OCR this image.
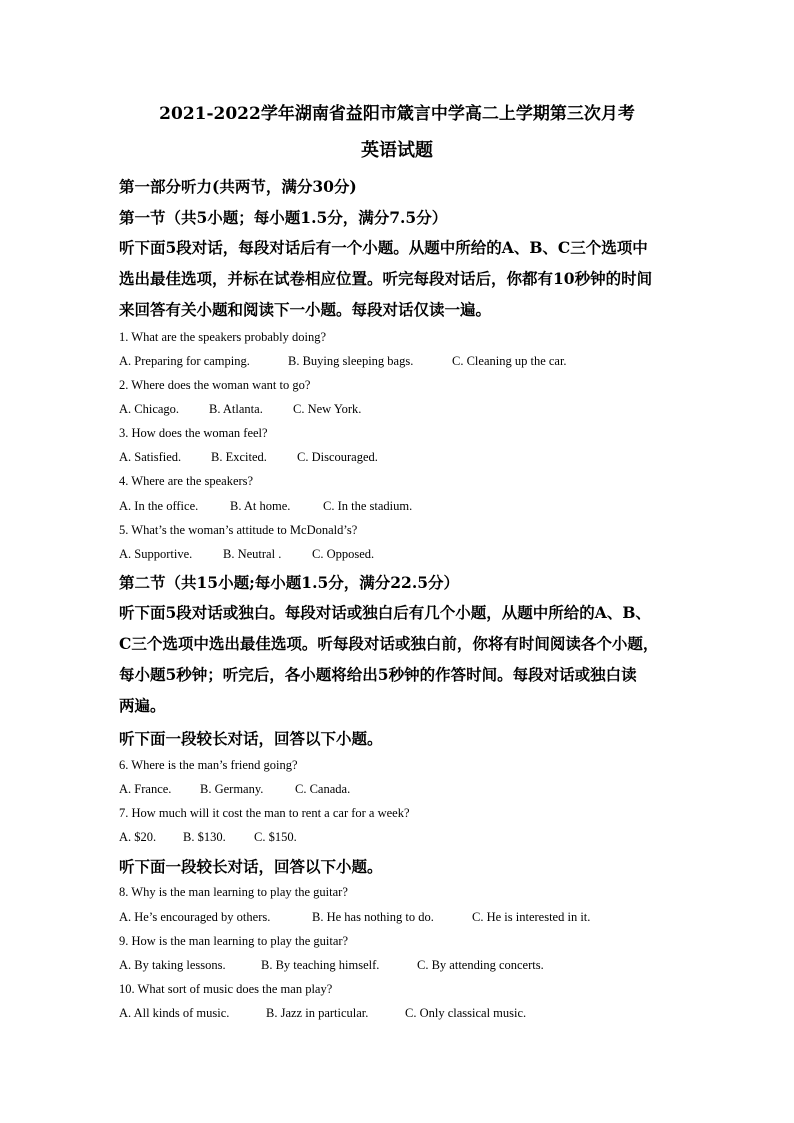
2021-2022学年湖南省益阳市箴言中学高二上学期第三次月考
英语试题
第一部分听力(共两节，满分30分)
第一节（共5小题；每小题1.5分，满分7.5分）
听下面5段对话，每段对话后有一个小题。从题中所给的A、B、C三个选项中
选出最佳选项，并标在试卷相应位置。听完每段对话后，你都有10秒钟的时间
来回答有关小题和阅读下一小题。每段对话仅读一遍。
1. What are the speakers probably doing?
A. Preparing for camping.	B. Buying sleeping bags.	C. Cleaning up the car.
2. Where does the woman want to go?
A. Chicago. B. Atlanta. C. New York.
3. How does the woman feel?
A. Satisfied. B. Excited. C. Discouraged.
4. Where are the speakers?
A. In the office.	B. At home.	C. In the stadium.
5. What’s the woman’s attitude to McDonald’s?
A. Supportive. B. Neutral . C. Opposed.
第二节（共15小题;每小题1.5分，满分22.5分）
听下面5段对话或独白。每段对话或独白后有几个小题，从题中所给的A、B、
C三个选项中选出最佳选项。听每段对话或独白前，你将有时间阅读各个小题，
每小题5秒钟；听完后，各小题将给出5秒钟的作答时间。每段对话或独白读
两遍。
听下面一段较长对话，回答以下小题。
6. Where is the man’s friend going?
A. France. B. Germany.	C. Canada.
7. How much will it cost the man to rent a car for a week?
A. $20. B. $130. C. $150.
听下面一段较长对话，回答以下小题。
8. Why is the man learning to play the guitar?
A. He’s encouraged by others.	B. He has nothing to do.	C. He is interested in it.
9. How is the man learning to play the guitar?
A. By taking lessons.	B. By teaching himself.	C. By attending concerts.
10. What sort of music does the man play?
A. All kinds of music.	B. Jazz in particular.	C. Only classical music.
